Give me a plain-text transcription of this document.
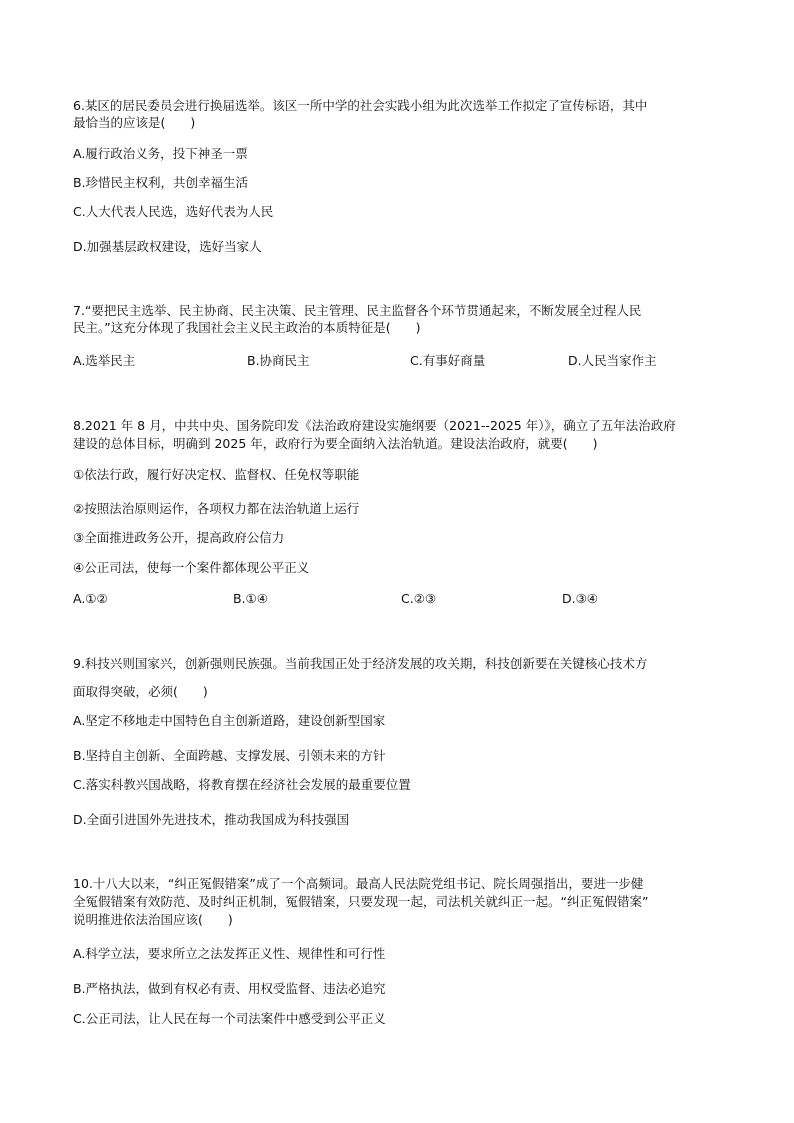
6.某区的居民委员会进行换届选举。该区一所中学的社会实践小组为此次选举工作拟定了宣传标语，其中
最恰当的应该是(　　)
A.履行政治义务，投下神圣一票
B.珍惜民主权利，共创幸福生活
C.人大代表人民选，选好代表为人民
D.加强基层政权建设，选好当家人
7.“要把民主选举、民主协商、民主决策、民主管理、民主监督各个环节贯通起来，不断发展全过程人民
民主。”这充分体现了我国社会主义民主政治的本质特征是(　　)
A.选举民主	B.协商民主	C.有事好商量	D.人民当家作主
8.2021 年 8 月，中共中央、国务院印发《法治政府建设实施纲要（2021--2025 年）》，确立了五年法治政府
建设的总体目标，明确到 2025 年，政府行为要全面纳入法治轨道。建设法治政府，就要(　　)
①依法行政，履行好决定权、监督权、任免权等职能
②按照法治原则运作，各项权力都在法治轨道上运行
③全面推进政务公开，提高政府公信力
④公正司法，使每一个案件都体现公平正义
A.①②	B.①④	C.②③	D.③④
9.科技兴则国家兴，创新强则民族强。当前我国正处于经济发展的攻关期，科技创新要在关键核心技术方
面取得突破，必须(　　)
A.坚定不移地走中国特色自主创新道路，建设创新型国家
B.坚持自主创新、全面跨越、支撑发展、引领未来的方针
C.落实科教兴国战略，将教育摆在经济社会发展的最重要位置
D.全面引进国外先进技术，推动我国成为科技强国
10.十八大以来，“纠正冤假错案”成了一个高频词。最高人民法院党组书记、院长周强指出，要进一步健
全冤假错案有效防范、及时纠正机制，冤假错案，只要发现一起，司法机关就纠正一起。“纠正冤假错案”
说明推进依法治国应该(　　)
A.科学立法，要求所立之法发挥正义性、规律性和可行性
B.严格执法，做到有权必有责、用权受监督、违法必追究
C.公正司法，让人民在每一个司法案件中感受到公平正义
